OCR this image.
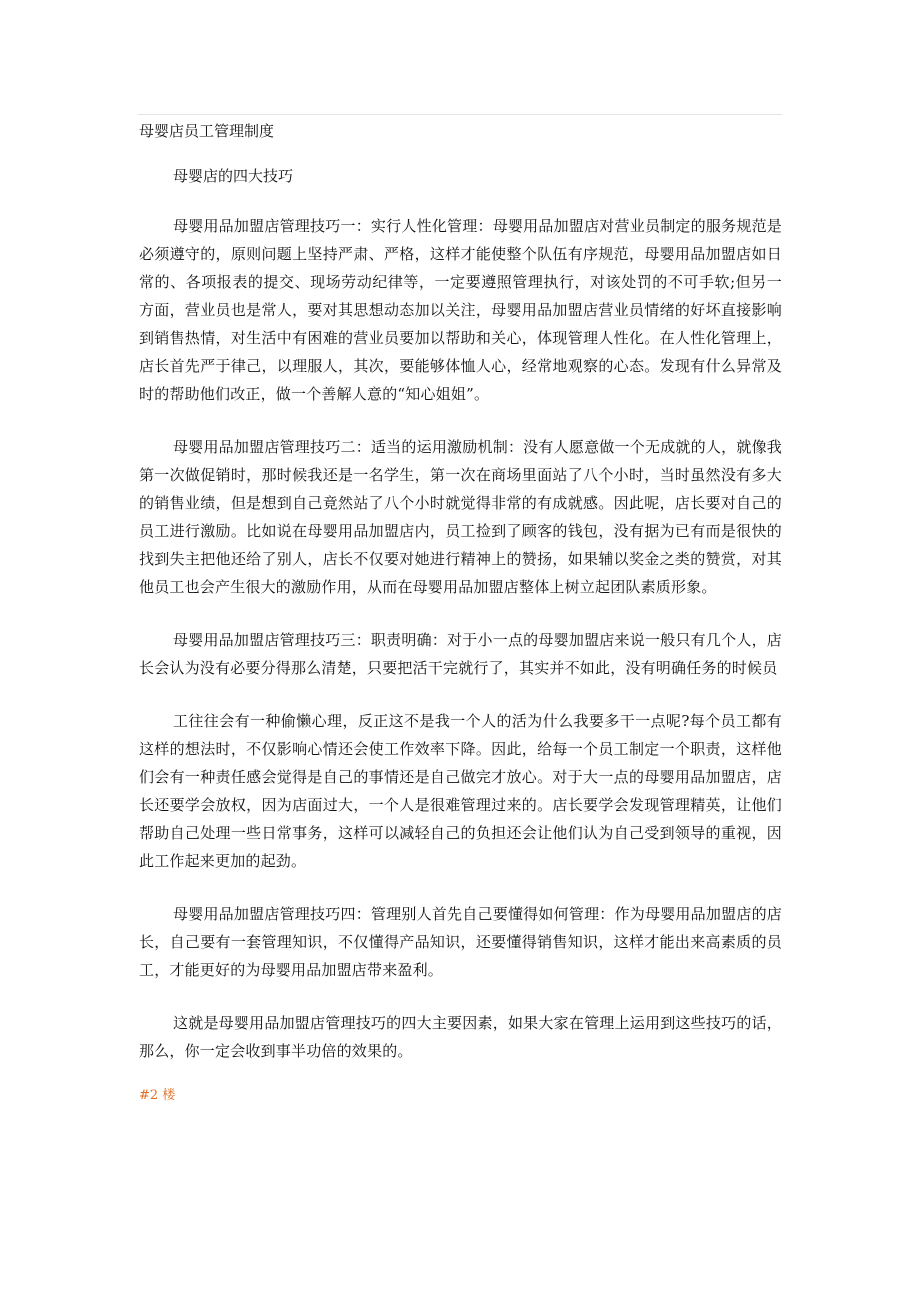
母婴店员工管理制度

母婴店的四大技巧

母婴用品加盟店管理技巧一：实行人性化管理：母婴用品加盟店对营业员制定的服务规范是必须遵守的，原则问题上坚持严肃、严格，这样才能使整个队伍有序规范，母婴用品加盟店如日常的、各项报表的提交、现场劳动纪律等，一定要遵照管理执行，对该处罚的不可手软;但另一方面，营业员也是常人，要对其思想动态加以关注，母婴用品加盟店营业员情绪的好坏直接影响到销售热情，对生活中有困难的营业员要加以帮助和关心，体现管理人性化。在人性化管理上，店长首先严于律己，以理服人，其次，要能够体恤人心，经常地观察的心态。发现有什么异常及时的帮助他们改正，做一个善解人意的“知心姐姐”。

母婴用品加盟店管理技巧二：适当的运用激励机制：没有人愿意做一个无成就的人，就像我第一次做促销时，那时候我还是一名学生，第一次在商场里面站了八个小时，当时虽然没有多大的销售业绩，但是想到自己竟然站了八个小时就觉得非常的有成就感。因此呢，店长要对自己的员工进行激励。比如说在母婴用品加盟店内，员工捡到了顾客的钱包，没有据为已有而是很快的找到失主把他还给了别人，店长不仅要对她进行精神上的赞扬，如果辅以奖金之类的赞赏，对其他员工也会产生很大的激励作用，从而在母婴用品加盟店整体上树立起团队素质形象。

母婴用品加盟店管理技巧三：职责明确：对于小一点的母婴加盟店来说一般只有几个人，店长会认为没有必要分得那么清楚，只要把活干完就行了，其实并不如此，没有明确任务的时候员

工往往会有一种偷懒心理，反正这不是我一个人的活为什么我要多干一点呢?每个员工都有这样的想法时，不仅影响心情还会使工作效率下降。因此，给每一个员工制定一个职责，这样他们会有一种责任感会觉得是自己的事情还是自己做完才放心。对于大一点的母婴用品加盟店，店长还要学会放权，因为店面过大，一个人是很难管理过来的。店长要学会发现管理精英，让他们帮助自己处理一些日常事务，这样可以减轻自己的负担还会让他们认为自己受到领导的重视，因此工作起来更加的起劲。

母婴用品加盟店管理技巧四：管理别人首先自己要懂得如何管理：作为母婴用品加盟店的店长，自己要有一套管理知识，不仅懂得产品知识，还要懂得销售知识，这样才能出来高素质的员工，才能更好的为母婴用品加盟店带来盈利。

这就是母婴用品加盟店管理技巧的四大主要因素，如果大家在管理上运用到这些技巧的话，那么，你一定会收到事半功倍的效果的。

#2 楼
